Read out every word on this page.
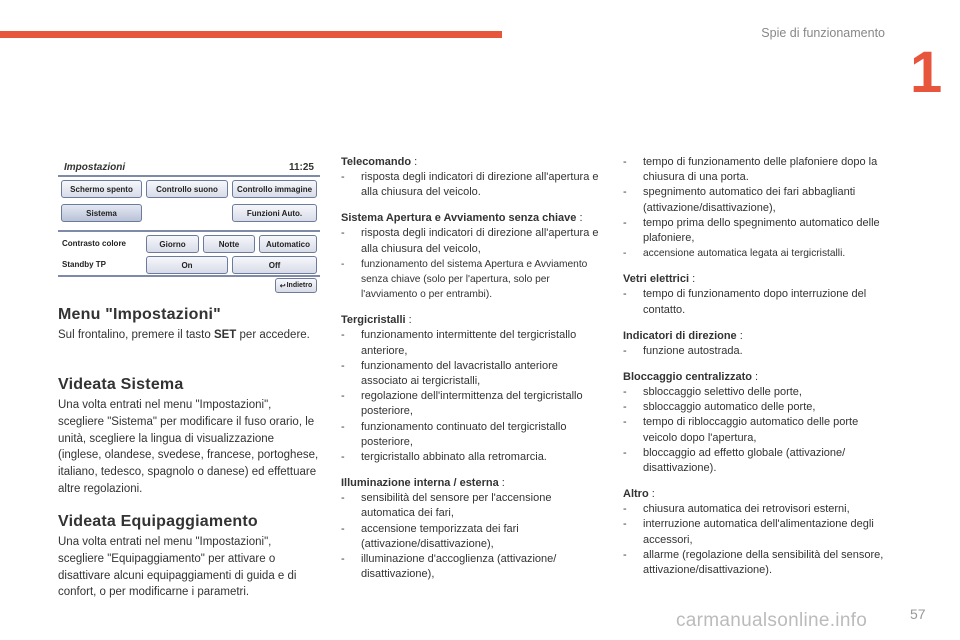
Spie di funzionamento
1
Impostazioni	11:25
Schermo spento	Controllo suono	Controllo immagine
Sistema	Funzioni Auto.
Contrasto colore	Giorno	Notte	Automatico
Standby TP	On	Off
↩ Indietro
Menu "Impostazioni"

Sul frontalino, premere il tasto SET per accedere.

Videata Sistema

Una volta entrati nel menu "Impostazioni", scegliere "Sistema" per modificare il fuso orario, le unità, scegliere la lingua di visualizzazione (inglese, olandese, svedese, francese, portoghese, italiano, tedesco, spagnolo o danese) ed effettuare altre regolazioni.

Videata Equipaggiamento

Una volta entrati nel menu "Impostazioni", scegliere "Equipaggiamento" per attivare o disattivare alcuni equipaggiamenti di guida e di confort, o per modificarne i parametri.

Telecomando :
- risposta degli indicatori di direzione all'apertura e alla chiusura del veicolo.
Sistema Apertura e Avviamento senza chiave :
- risposta degli indicatori di direzione all'apertura e alla chiusura del veicolo,
- funzionamento del sistema Apertura e Avviamento senza chiave (solo per l'apertura, solo per l'avviamento o per entrambi).
Tergicristalli :
- funzionamento intermittente del tergicristallo anteriore,
- funzionamento del lavacristallo anteriore associato ai tergicristalli,
- regolazione dell'intermittenza del tergicristallo posteriore,
- funzionamento continuato del tergicristallo posteriore,
- tergicristallo abbinato alla retromarcia.
Illuminazione interna / esterna :
- sensibilità del sensore per l'accensione automatica dei fari,
- accensione temporizzata dei fari (attivazione/disattivazione),
- illuminazione d'accoglienza (attivazione/ disattivazione),
- tempo di funzionamento delle plafoniere dopo la chiusura di una porta.
- spegnimento automatico dei fari abbaglianti (attivazione/disattivazione),
- tempo prima dello spegnimento automatico delle plafoniere,
- accensione automatica legata ai tergicristalli.
Vetri elettrici :
- tempo di funzionamento dopo interruzione del contatto.
Indicatori di direzione :
- funzione autostrada.
Bloccaggio centralizzato :
- sbloccaggio selettivo delle porte,
- sbloccaggio automatico delle porte,
- tempo di ribloccaggio automatico delle porte veicolo dopo l'apertura,
- bloccaggio ad effetto globale (attivazione/ disattivazione).
Altro :
- chiusura automatica dei retrovisori esterni,
- interruzione automatica dell'alimentazione degli accessori,
- allarme (regolazione della sensibilità del sensore, attivazione/disattivazione).
carmanualsonline.info	57
